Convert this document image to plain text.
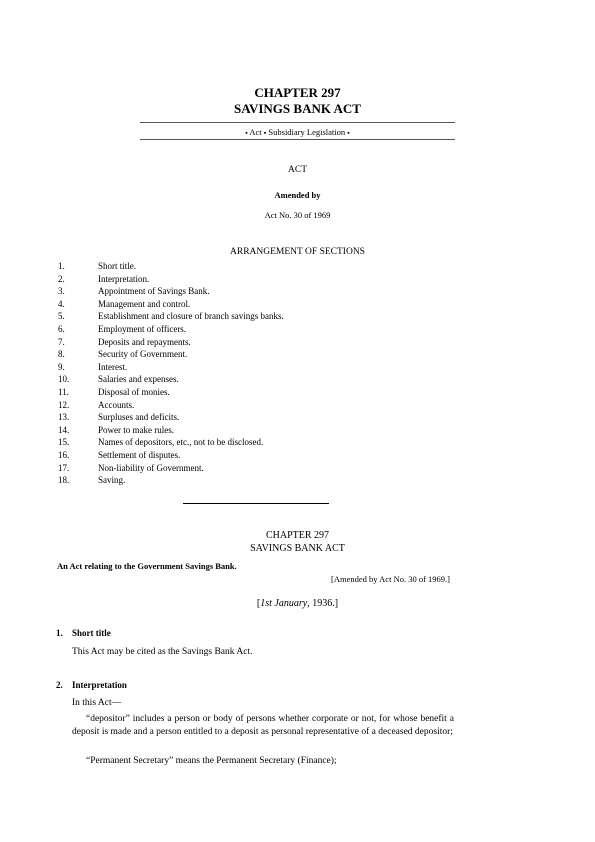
CHAPTER 297
SAVINGS BANK ACT
▪ Act ▪ Subsidiary Legislation ▪
ACT
Amended by
Act No. 30 of 1969
ARRANGEMENT OF SECTIONS
1.	Short title.
2.	Interpretation.
3.	Appointment of Savings Bank.
4.	Management and control.
5.	Establishment and closure of branch savings banks.
6.	Employment of officers.
7.	Deposits and repayments.
8.	Security of Government.
9.	Interest.
10.	Salaries and expenses.
11.	Disposal of monies.
12.	Accounts.
13.	Surpluses and deficits.
14.	Power to make rules.
15.	Names of depositors, etc., not to be disclosed.
16.	Settlement of disputes.
17.	Non-liability of Government.
18.	Saving.
CHAPTER 297
SAVINGS BANK ACT
An Act relating to the Government Savings Bank.
[Amended by Act No. 30 of 1969.]
[1st January, 1936.]
1. Short title
This Act may be cited as the Savings Bank Act.
2. Interpretation
In this Act—
“depositor” includes a person or body of persons whether corporate or not, for whose benefit a deposit is made and a person entitled to a deposit as personal representative of a deceased depositor;
“Permanent Secretary” means the Permanent Secretary (Finance);
